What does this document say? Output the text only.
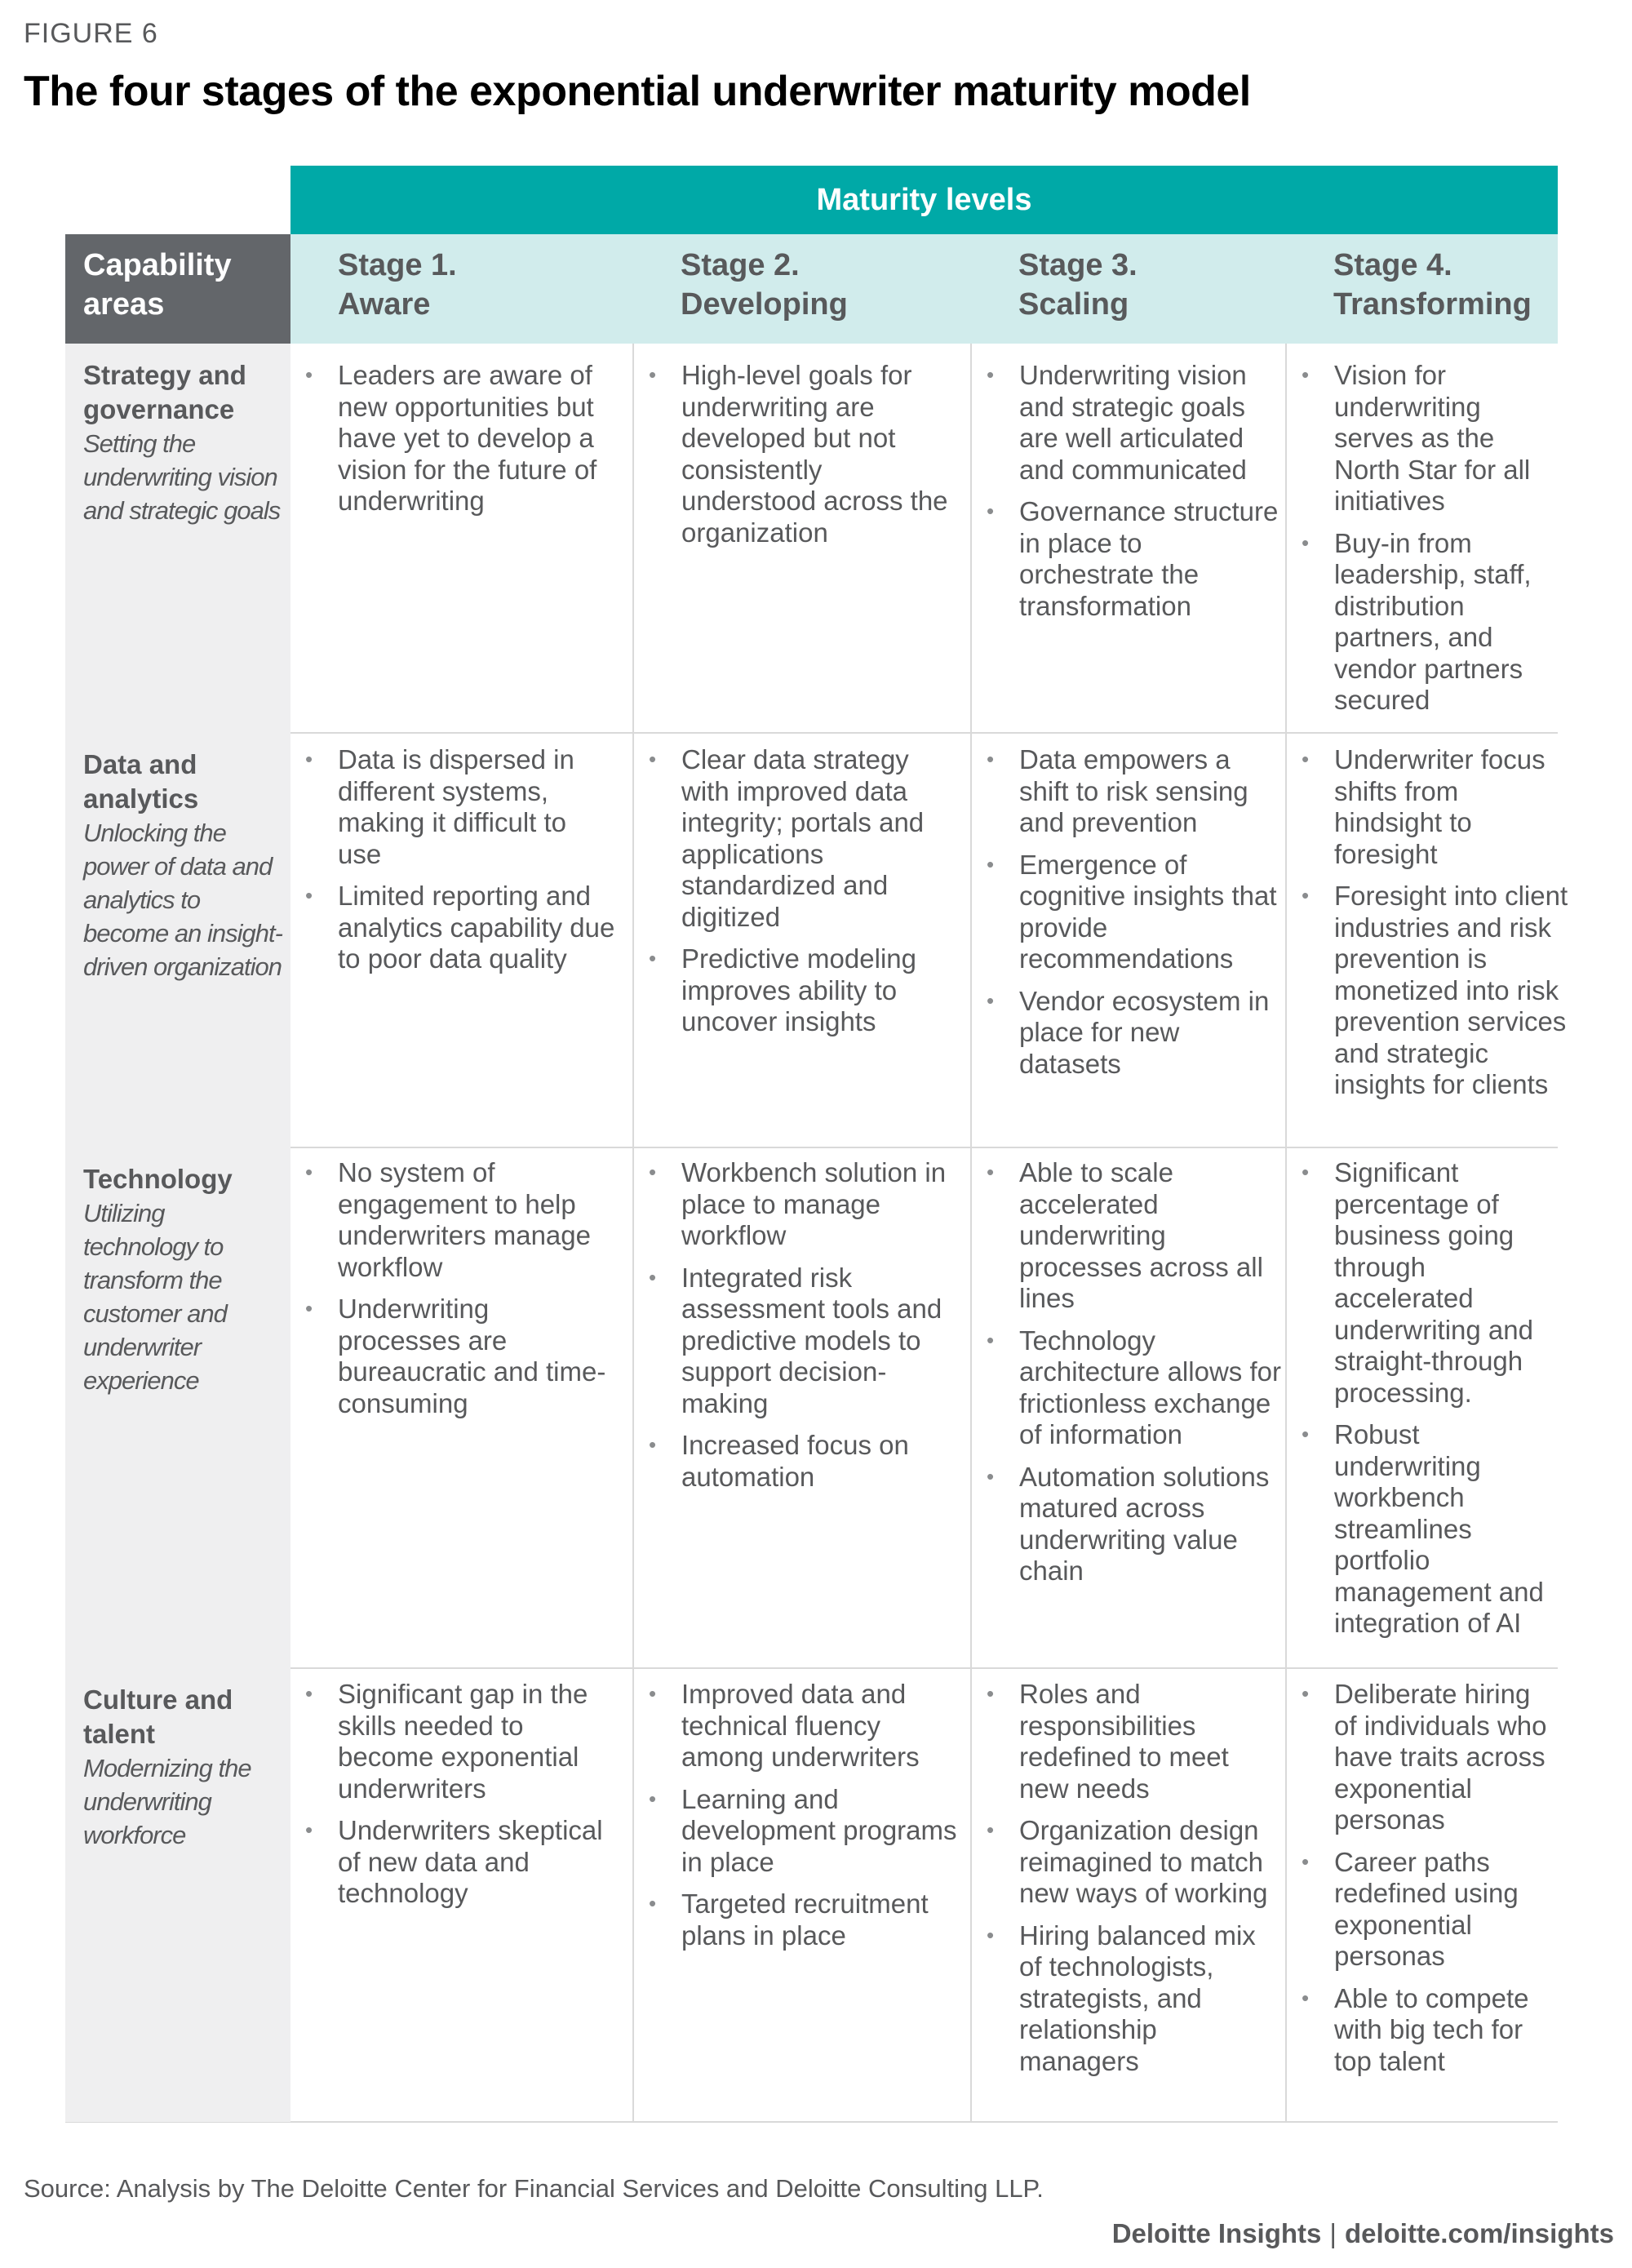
FIGURE 6
The four stages of the exponential underwriter maturity model
Maturity levels
Capability
areas
Stage 1.
Aware
Stage 2.
Developing
Stage 3.
Scaling
Stage 4.
Transforming
Strategy and governance
Setting the underwriting vision and strategic goals
• Leaders are aware of new opportunities but have yet to develop a vision for the future of underwriting
• High-level goals for underwriting are developed but not consistently understood across the organization
• Underwriting vision and strategic goals are well articulated and communicated
• Governance structure in place to orchestrate the transformation
• Vision for underwriting serves as the North Star for all initiatives
• Buy-in from leadership, staff, distribution partners, and vendor partners secured
Data and analytics
Unlocking the power of data and analytics to become an insight-driven organization
• Data is dispersed in different systems, making it difficult to use
• Limited reporting and analytics capability due to poor data quality
• Clear data strategy with improved data integrity; portals and applications standardized and digitized
• Predictive modeling improves ability to uncover insights
• Data empowers a shift to risk sensing and prevention
• Emergence of cognitive insights that provide recommendations
• Vendor ecosystem in place for new datasets
• Underwriter focus shifts from hindsight to foresight
• Foresight into client industries and risk prevention is monetized into risk prevention services and strategic insights for clients
Technology
Utilizing technology to transform the customer and underwriter experience
• No system of engagement to help underwriters manage workflow
• Underwriting processes are bureaucratic and time-consuming
• Workbench solution in place to manage workflow
• Integrated risk assessment tools and predictive models to support decision-making
• Increased focus on automation
• Able to scale accelerated underwriting processes across all lines
• Technology architecture allows for frictionless exchange of information
• Automation solutions matured across underwriting value chain
• Significant percentage of business going through accelerated underwriting and straight-through processing.
• Robust underwriting workbench streamlines portfolio management and integration of AI
Culture and talent
Modernizing the underwriting workforce
• Significant gap in the skills needed to become exponential underwriters
• Underwriters skeptical of new data and technology
• Improved data and technical fluency among underwriters
• Learning and development programs in place
• Targeted recruitment plans in place
• Roles and responsibilities redefined to meet new needs
• Organization design reimagined to match new ways of working
• Hiring balanced mix of technologists, strategists, and relationship managers
• Deliberate hiring of individuals who have traits across exponential personas
• Career paths redefined using exponential personas
• Able to compete with big tech for top talent
Source: Analysis by The Deloitte Center for Financial Services and Deloitte Consulting LLP.
Deloitte Insights | deloitte.com/insights
